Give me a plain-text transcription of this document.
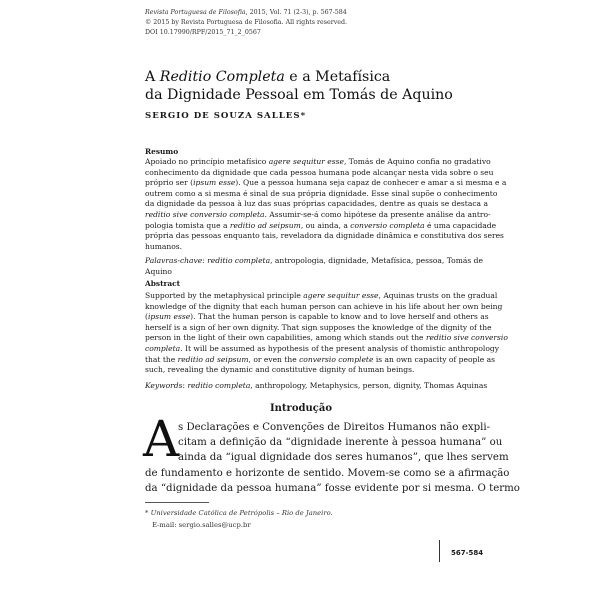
Revista Portuguesa de Filosofia, 2015, Vol. 71 (2-3), p. 567-584
© 2015 by Revista Portuguesa de Filosofia. All rights reserved.
DOI 10.17990/RPF/2015_71_2_0567
A Reditio Completa e a Metafísica
da Dignidade Pessoal em Tomás de Aquino
SERGIO DE SOUZA SALLES*
Resumo
Apoiado no princípio metafísico agere sequitur esse, Tomás de Aquino confia no gradativo
conhecimento da dignidade que cada pessoa humana pode alcançar nesta vida sobre o seu
próprio ser (ipsum esse). Que a pessoa humana seja capaz de conhecer e amar a si mesma e a
outrem como a si mesma é sinal de sua própria dignidade. Esse sinal supõe o conhecimento
da dignidade da pessoa à luz das suas próprias capacidades, dentre as quais se destaca a
reditio sive conversio completa. Assumir-se-á como hipótese da presente análise da antro-
pologia tomista que a reditio ad seipsum, ou ainda, a conversio completa é uma capacidade
própria das pessoas enquanto tais, reveladora da dignidade dinâmica e constitutiva dos seres
humanos.
Palavras-chave: reditio completa, antropologia, dignidade, Metafísica, pessoa, Tomás de
Aquino
Abstract
Supported by the metaphysical principle agere sequitur esse, Aquinas trusts on the gradual
knowledge of the dignity that each human person can achieve in his life about her own being
(ipsum esse). That the human person is capable to know and to love herself and others as
herself is a sign of her own dignity. That sign supposes the knowledge of the dignity of the
person in the light of their own capabilities, among which stands out the reditio sive conversio
completa. It will be assumed as hypothesis of the present analysis of thomistic anthropology
that the reditio ad seipsum, or even the conversio complete is an own capacity of people as
such, revealing the dynamic and constitutive dignity of human beings.
Keywords: reditio completa, anthropology, Metaphysics, person, dignity, Thomas Aquinas
Introdução
A
s Declarações e Convenções de Direitos Humanos não expli-
citam a definição da “dignidade inerente à pessoa humana” ou
ainda da “igual dignidade dos seres humanos”, que lhes servem
de fundamento e horizonte de sentido. Movem-se como se a afirmação
da “dignidade da pessoa humana” fosse evidente por si mesma. O termo
* Universidade Católica de Petrópolis – Rio de Janeiro.
E-mail: sergio.salles@ucp.br
567-584
